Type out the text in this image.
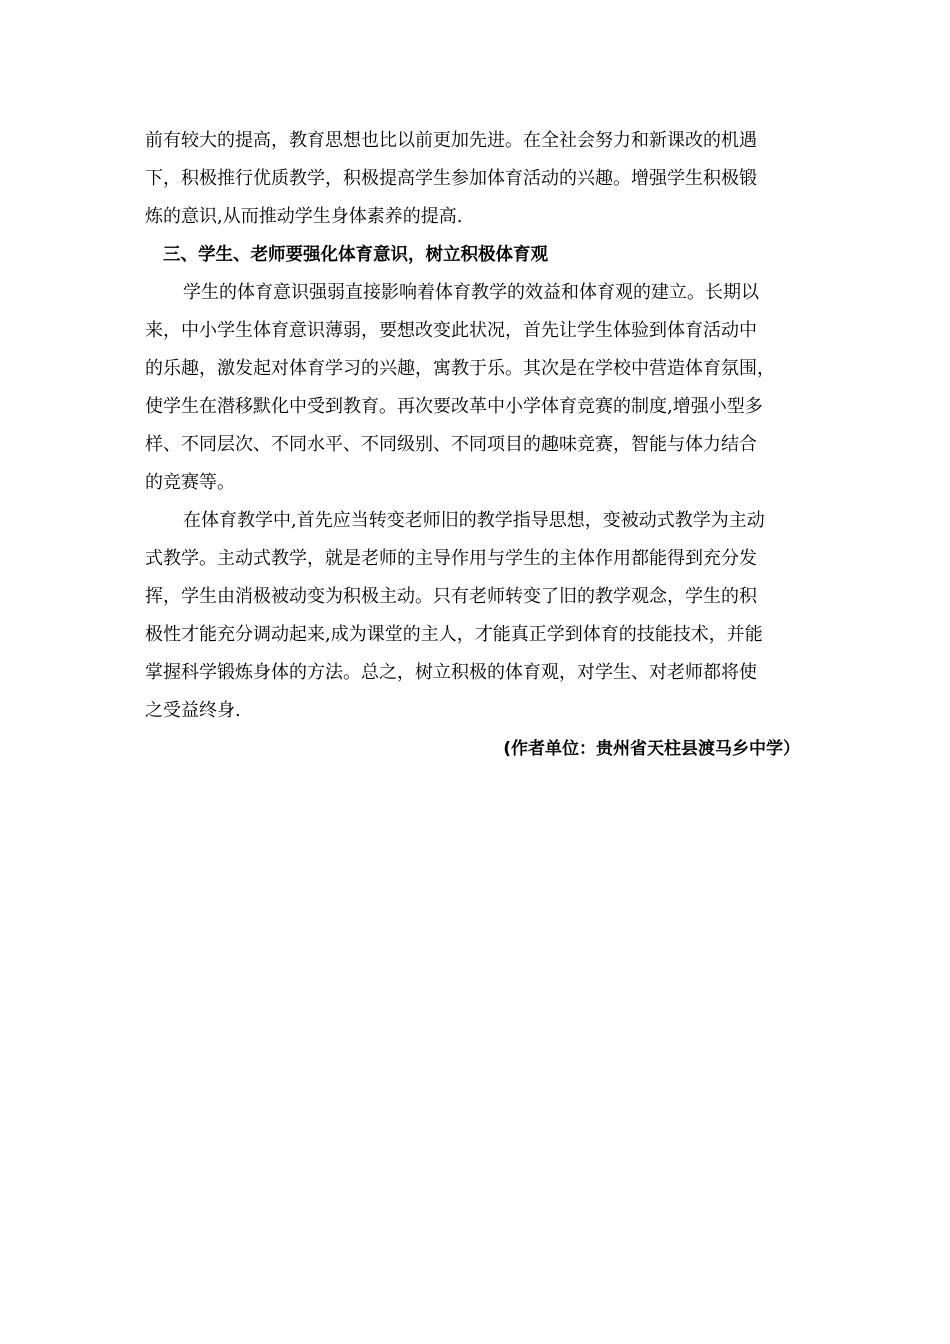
前有较大的提高，教育思想也比以前更加先进。在全社会努力和新课改的机遇
下，积极推行优质教学，积极提高学生参加体育活动的兴趣。增强学生积极锻
炼的意识,从而推动学生身体素养的提高.
三、学生、老师要强化体育意识，树立积极体育观
学生的体育意识强弱直接影响着体育教学的效益和体育观的建立。长期以
来，中小学生体育意识薄弱，要想改变此状况，首先让学生体验到体育活动中
的乐趣，激发起对体育学习的兴趣，寓教于乐。其次是在学校中营造体育氛围，
使学生在潜移默化中受到教育。再次要改革中小学体育竞赛的制度,增强小型多
样、不同层次、不同水平、不同级别、不同项目的趣味竞赛，智能与体力结合
的竞赛等。
在体育教学中,首先应当转变老师旧的教学指导思想，变被动式教学为主动
式教学。主动式教学，就是老师的主导作用与学生的主体作用都能得到充分发
挥，学生由消极被动变为积极主动。只有老师转变了旧的教学观念，学生的积
极性才能充分调动起来,成为课堂的主人，才能真正学到体育的技能技术，并能
掌握科学锻炼身体的方法。总之，树立积极的体育观，对学生、对老师都将使
之受益终身.
(作者单位：贵州省天柱县渡马乡中学）
